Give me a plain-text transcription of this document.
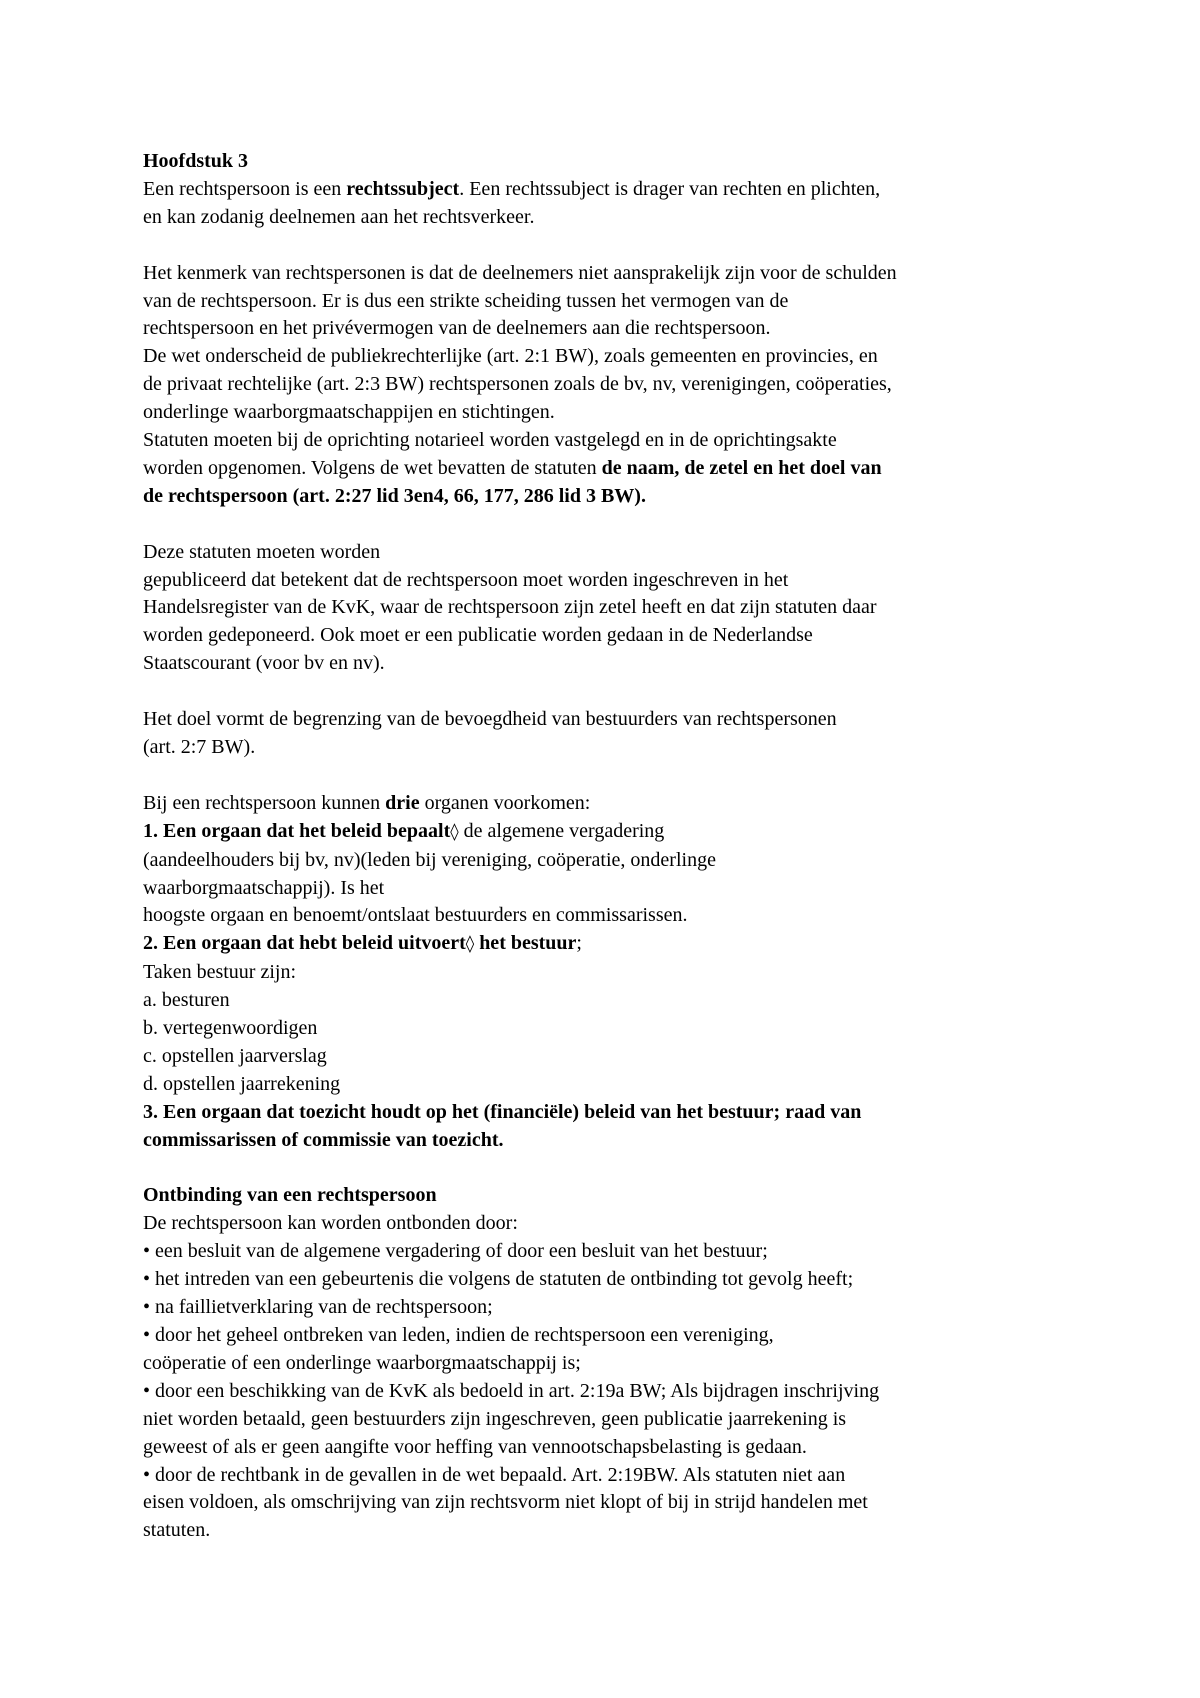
Hoofdstuk 3
Een rechtspersoon is een rechtssubject. Een rechtssubject is drager van rechten en plichten,
en kan zodanig deelnemen aan het rechtsverkeer.
Het kenmerk van rechtspersonen is dat de deelnemers niet aansprakelijk zijn voor de schulden
van de rechtspersoon. Er is dus een strikte scheiding tussen het vermogen van de
rechtspersoon en het privévermogen van de deelnemers aan die rechtspersoon.
De wet onderscheid de publiekrechterlijke (art. 2:1 BW), zoals gemeenten en provincies, en
de privaat rechtelijke (art. 2:3 BW) rechtspersonen zoals de bv, nv, verenigingen, coöperaties,
onderlinge waarborgmaatschappijen en stichtingen.
Statuten moeten bij de oprichting notarieel worden vastgelegd en in de oprichtingsakte
worden opgenomen. Volgens de wet bevatten de statuten de naam, de zetel en het doel van
de rechtspersoon (art. 2:27 lid 3en4, 66, 177, 286 lid 3 BW).
Deze statuten moeten worden
gepubliceerd dat betekent dat de rechtspersoon moet worden ingeschreven in het
Handelsregister van de KvK, waar de rechtspersoon zijn zetel heeft en dat zijn statuten daar
worden gedeponeerd. Ook moet er een publicatie worden gedaan in de Nederlandse
Staatscourant (voor bv en nv).
Het doel vormt de begrenzing van de bevoegdheid van bestuurders van rechtspersonen
(art. 2:7 BW).
Bij een rechtspersoon kunnen drie organen voorkomen:
1. Een orgaan dat het beleid bepaalt◊ de algemene vergadering
(aandeelhouders bij bv, nv)(leden bij vereniging, coöperatie, onderlinge
waarborgmaatschappij). Is het
hoogste orgaan en benoemt/ontslaat bestuurders en commissarissen.
2. Een orgaan dat hebt beleid uitvoert◊ het bestuur;
Taken bestuur zijn:
a. besturen
b. vertegenwoordigen
c. opstellen jaarverslag
d. opstellen jaarrekening
3. Een orgaan dat toezicht houdt op het (financiële) beleid van het bestuur; raad van
commissarissen of commissie van toezicht.
Ontbinding van een rechtspersoon
De rechtspersoon kan worden ontbonden door:
• een besluit van de algemene vergadering of door een besluit van het bestuur;
• het intreden van een gebeurtenis die volgens de statuten de ontbinding tot gevolg heeft;
• na faillietverklaring van de rechtspersoon;
• door het geheel ontbreken van leden, indien de rechtspersoon een vereniging,
coöperatie of een onderlinge waarborgmaatschappij is;
• door een beschikking van de KvK als bedoeld in art. 2:19a BW; Als bijdragen inschrijving
niet worden betaald, geen bestuurders zijn ingeschreven, geen publicatie jaarrekening is
geweest of als er geen aangifte voor heffing van vennootschapsbelasting is gedaan.
• door de rechtbank in de gevallen in de wet bepaald. Art. 2:19BW. Als statuten niet aan
eisen voldoen, als omschrijving van zijn rechtsvorm niet klopt of bij in strijd handelen met
statuten.
